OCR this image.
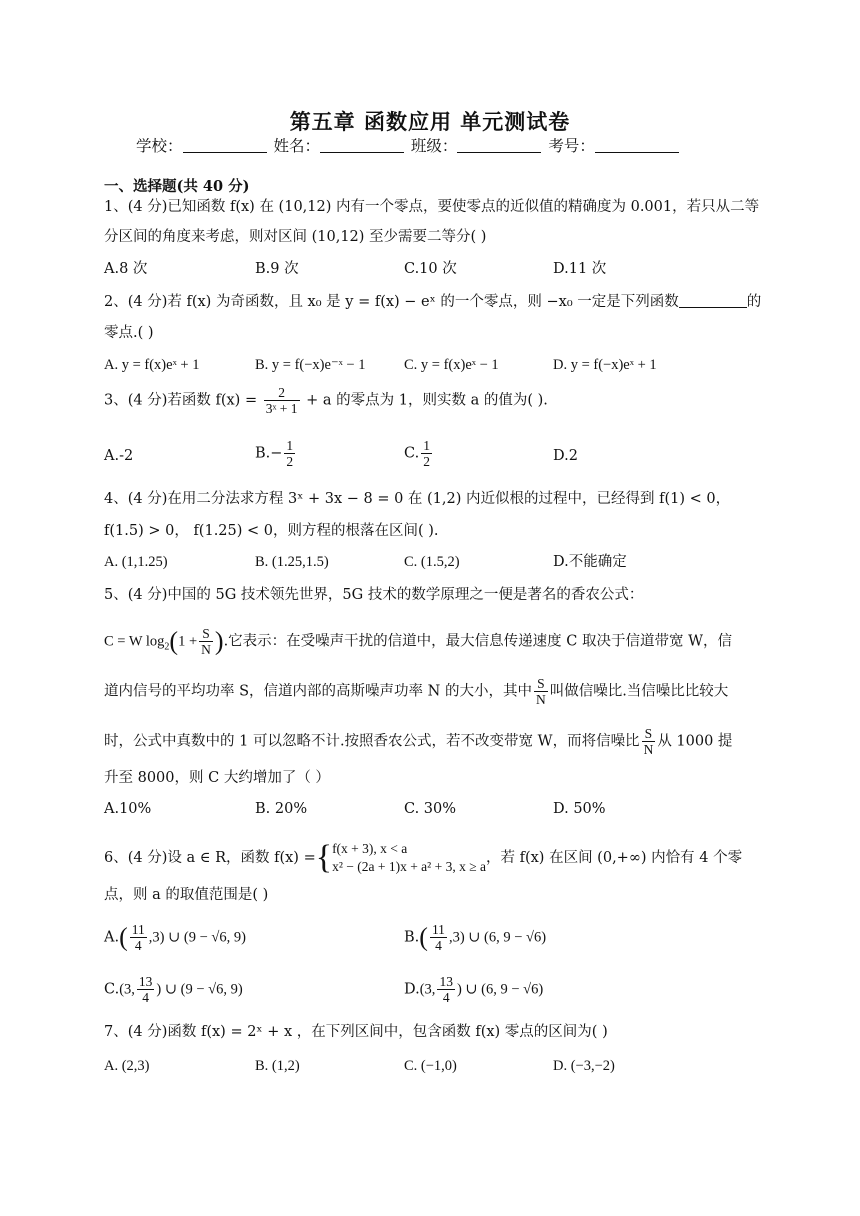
第五章 函数应用 单元测试卷
学校：	姓名：	班级：	考号：
一、选择题(共 40 分)
1、(4 分)已知函数 f(x) 在 (10,12) 内有一个零点，要使零点的近似值的精确度为 0.001，若只从二等
分区间的角度来考虑，则对区间 (10,12) 至少需要二等分( )
A.8 次	B.9 次	C.10 次	D.11 次
2、(4 分)若 f(x) 为奇函数，且 x₀ 是 y = f(x) − eˣ 的一个零点，则 −x₀ 一定是下列函数	的
零点.( )
A. y = f(x)eˣ + 1	B. y = f(−x)e⁻ˣ − 1	C. y = f(x)eˣ − 1	D. y = f(−x)eˣ + 1
3、(4 分)若函数 $f(x) = \frac{2}{\text{3ˣ + 1}} + a$ 的零点为 1，则实数 a 的值为( ).
A.-2	$B.- \frac{1}{2}$	C. $\frac{1}{2}$	D.2
4、(4 分)在用二分法求方程 3ˣ + 3x − 8 = 0 在 (1,2) 内近似根的过程中，已经得到 f(1) < 0，
f(1.5) > 0， f(1.25) < 0，则方程的根落在区间( ).
A. (1,1.25)	B. (1.25,1.5)	C. (1.5,2)	D.不能确定
5、(4 分)中国的 5G 技术领先世界，5G 技术的数学原理之一便是著名的香农公式：
C = W $\log_2(1 + \frac{S}{N}$ ).它表示：在受噪声干扰的信道中，最大信息传递速度 C 取决于信道带宽 W，信
道内信号的平均功率 S，信道内部的高斯噪声功率 N 的大小，其中 $\frac{S}{N}$ 叫做信噪比.当信噪比比较大
时，公式中真数中的 1 可以忽略不计.按照香农公式，若不改变带宽 W，而将信噪比 $\frac{S}{N}$ 从 1000 提
升至 8000，则 C 大约增加了（ ）
A.10%	B. 20%	C. 30%	D. 50%
6、(4 分)设 a ∈ R，函数 f(x) ={ f(x + 3), x < a
x² − (2a + 1)x + a² + 3, x ≥ a
，若 f(x) 在区间 (0,+∞) 内恰有 4 个零
点，则 a 的取值范围是( )
$A.( \frac{11}{4} ,3)$ ∪ (9 − √6, 9)	$B.( \frac{11}{4} ,3)$ ∪ (6, 9 − √6)
C.(3, $\frac{13}{4}$ ) ∪ (9 − √6, 9)	D.(3, $\frac{13}{4}$ ) ∪ (6, 9 − √6)
7、(4 分)函数 f(x) = 2ˣ + x ，在下列区间中，包含函数 f(x) 零点的区间为( )
A. (2,3)	B. (1,2)	C. (−1,0)	D. (−3,−2)
